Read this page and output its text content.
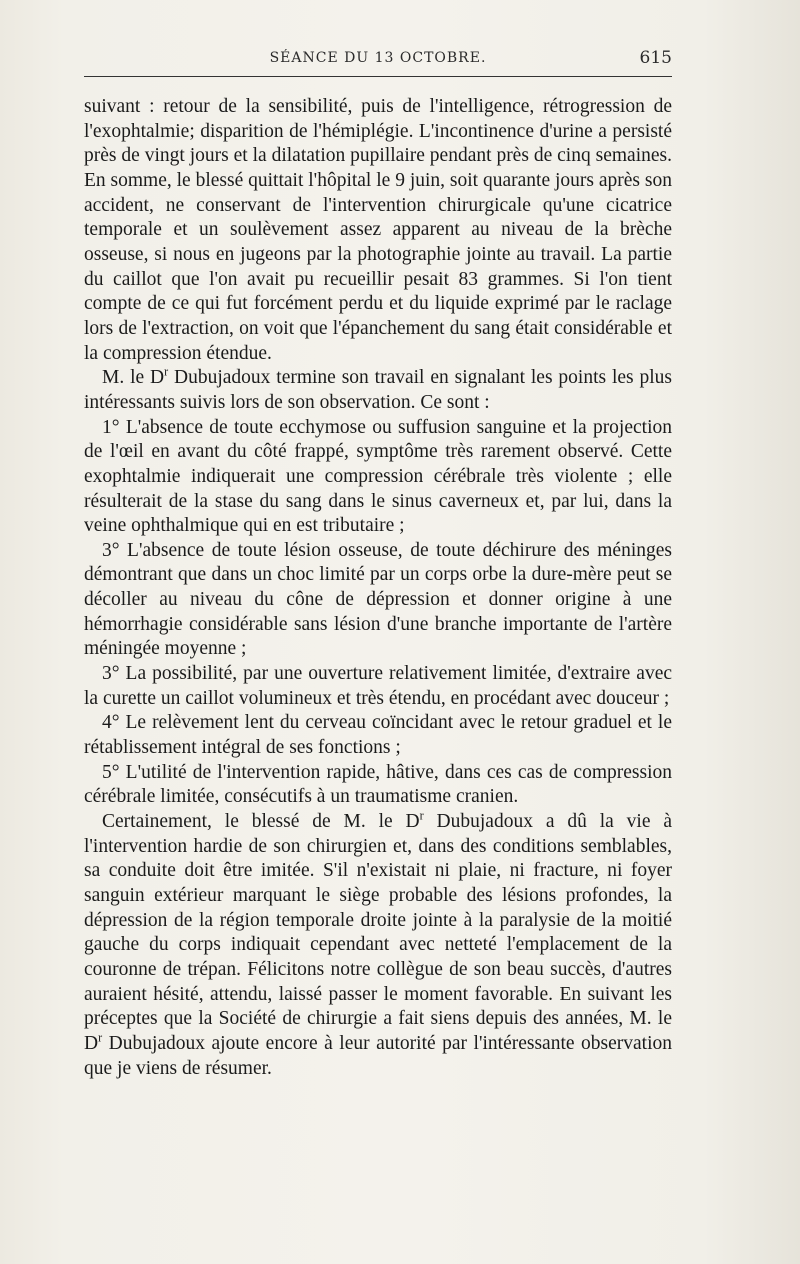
SÉANCE DU 13 OCTOBRE.	615

suivant : retour de la sensibilité, puis de l'intelligence, rétrogression de l'exophtalmie; disparition de l'hémiplégie. L'incontinence d'urine a persisté près de vingt jours et la dilatation pupillaire pendant près de cinq semaines. En somme, le blessé quittait l'hôpital le 9 juin, soit quarante jours après son accident, ne conservant de l'intervention chirurgicale qu'une cicatrice temporale et un soulèvement assez apparent au niveau de la brèche osseuse, si nous en jugeons par la photographie jointe au travail. La partie du caillot que l'on avait pu recueillir pesait 83 grammes. Si l'on tient compte de ce qui fut forcément perdu et du liquide exprimé par le raclage lors de l'extraction, on voit que l'épanchement du sang était considérable et la compression étendue.

M. le $D^r$ Dubujadoux termine son travail en signalant les points les plus intéressants suivis lors de son observation. Ce sont :

1° L'absence de toute ecchymose ou suffusion sanguine et la projection de l'œil en avant du côté frappé, symptôme très rarement observé. Cette exophtalmie indiquerait une compression cérébrale très violente ; elle résulterait de la stase du sang dans le sinus caverneux et, par lui, dans la veine ophthalmique qui en est tributaire ;

3° L'absence de toute lésion osseuse, de toute déchirure des méninges démontrant que dans un choc limité par un corps orbe la dure-mère peut se décoller au niveau du cône de dépression et donner origine à une hémorrhagie considérable sans lésion d'une branche importante de l'artère méningée moyenne ;

3° La possibilité, par une ouverture relativement limitée, d'extraire avec la curette un caillot volumineux et très étendu, en procédant avec douceur ;

4° Le relèvement lent du cerveau coïncidant avec le retour graduel et le rétablissement intégral de ses fonctions ;

5° L'utilité de l'intervention rapide, hâtive, dans ces cas de compression cérébrale limitée, consécutifs à un traumatisme cranien.

Certainement, le blessé de M. le $D^r$ Dubujadoux a dû la vie à l'intervention hardie de son chirurgien et, dans des conditions semblables, sa conduite doit être imitée. S'il n'existait ni plaie, ni fracture, ni foyer sanguin extérieur marquant le siège probable des lésions profondes, la dépression de la région temporale droite jointe à la paralysie de la moitié gauche du corps indiquait cependant avec netteté l'emplacement de la couronne de trépan. Félicitons notre collègue de son beau succès, d'autres auraient hésité, attendu, laissé passer le moment favorable. En suivant les préceptes que la Société de chirurgie a fait siens depuis des années, M. le $D^r$ Dubujadoux ajoute encore à leur autorité par l'intéressante observation que je viens de résumer.
